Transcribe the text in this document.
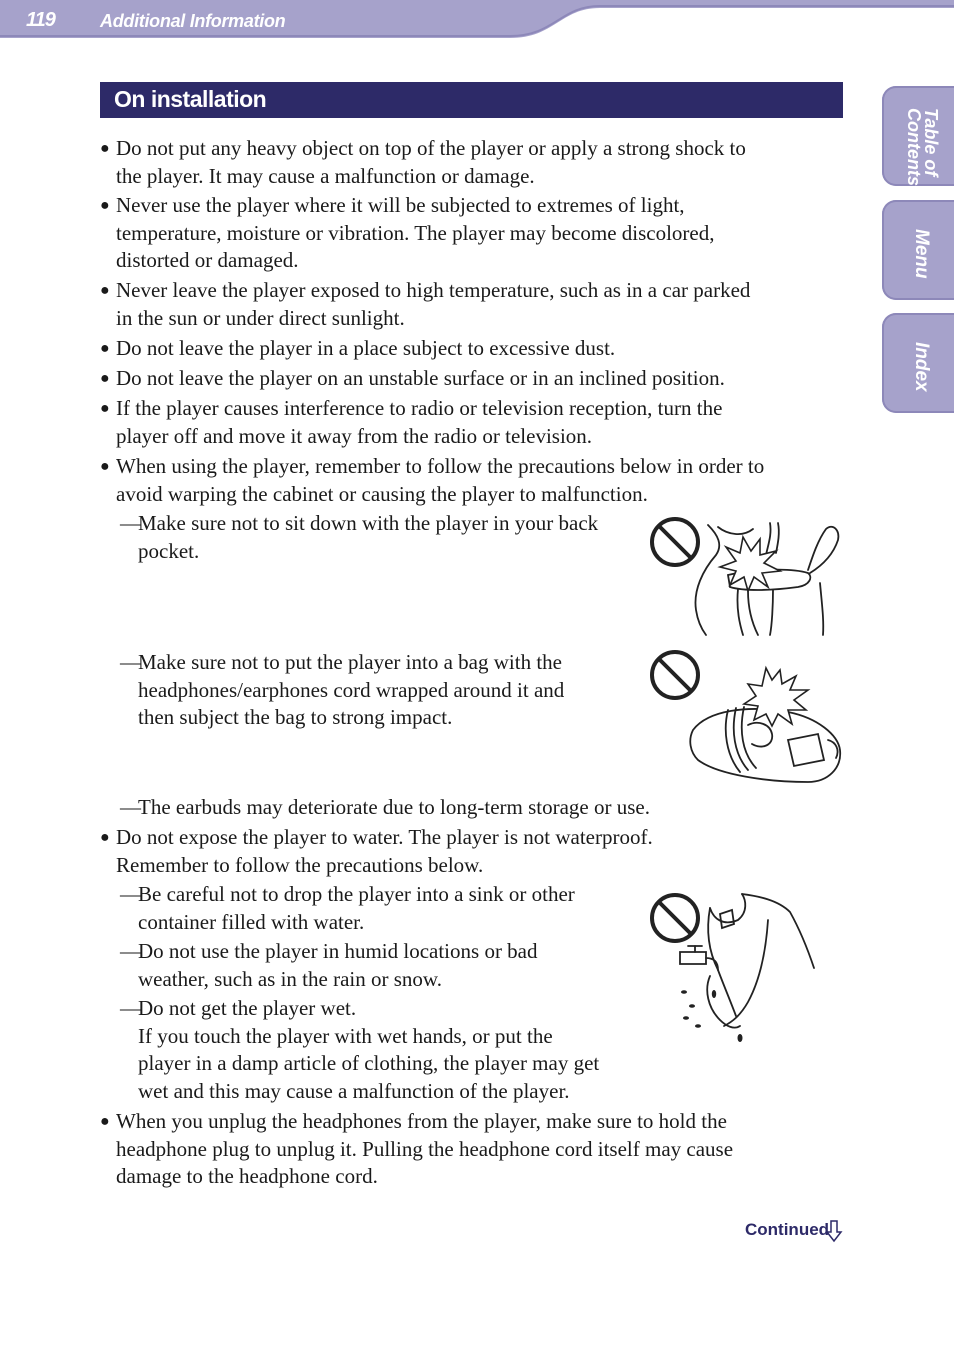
119	Additional Information
Table of Contents
Menu
Index
On installation
● Do not put any heavy object on top of the player or apply a strong shock to
the player. It may cause a malfunction or damage.
● Never use the player where it will be subjected to extremes of light,
temperature, moisture or vibration. The player may become discolored,
distorted or damaged.
● Never leave the player exposed to high temperature, such as in a car parked
in the sun or under direct sunlight.
● Do not leave the player in a place subject to excessive dust.
● Do not leave the player on an unstable surface or in an inclined position.
● If the player causes interference to radio or television reception, turn the
player off and move it away from the radio or television.
● When using the player, remember to follow the precautions below in order to
avoid warping the cabinet or causing the player to malfunction.
—
Make sure not to sit down with the player in your back
pocket.
—
Make sure not to put the player into a bag with the
headphones/earphones cord wrapped around it and
then subject the bag to strong impact.
—
The earbuds may deteriorate due to long-term storage or use.
● Do not expose the player to water. The player is not waterproof.
Remember to follow the precautions below.
—
Be careful not to drop the player into a sink or other
container filled with water.
—
Do not use the player in humid locations or bad
weather, such as in the rain or snow.
—
Do not get the player wet.
If you touch the player with wet hands, or put the
player in a damp article of clothing, the player may get
wet and this may cause a malfunction of the player.
● When you unplug the headphones from the player, make sure to hold the
headphone plug to unplug it. Pulling the headphone cord itself may cause
damage to the headphone cord.
Continued
